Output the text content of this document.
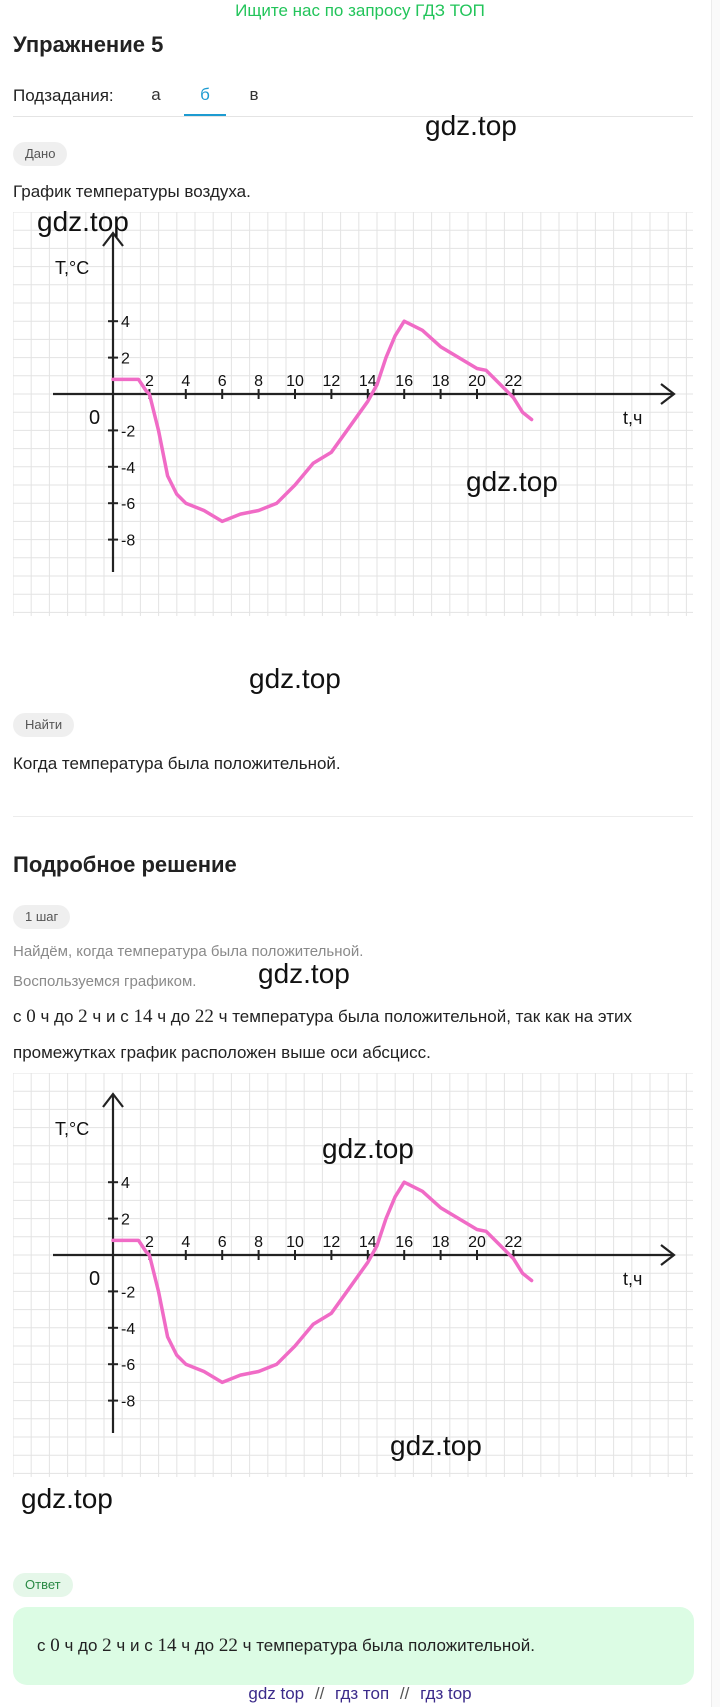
Ищите нас по запросу ГДЗ ТОП
Упражнение 5
Подзадания:	а	б	в
gdz.top
Дано
График температуры воздуха.
2 4 6 8 10 12 14 16 18 20 22
4
2
-2
-4
-6
-8
T,°C
t,ч
0
gdz.top
gdz.top
gdz.top
Найти
Когда температура была положительной.
Подробное решение
1 шаг
Найдём, когда температура была положительной.
Воспользуемся графиком. gdz.top
с 0 ч до 2 ч и с 14 ч до 22 ч температура была положительной, так как на этих
промежутках график расположен выше оси абсцисс.
2 4 6 8 10 12 14 16 18 20 22
4
2
-2
-4
-6
-8
T,°C
t,ч
0
gdz.top
gdz.top
gdz.top
Ответ
с 0 ч до 2 ч и с 14 ч до 22 ч температура была положительной.
gdz top // гдз топ // гдз top
